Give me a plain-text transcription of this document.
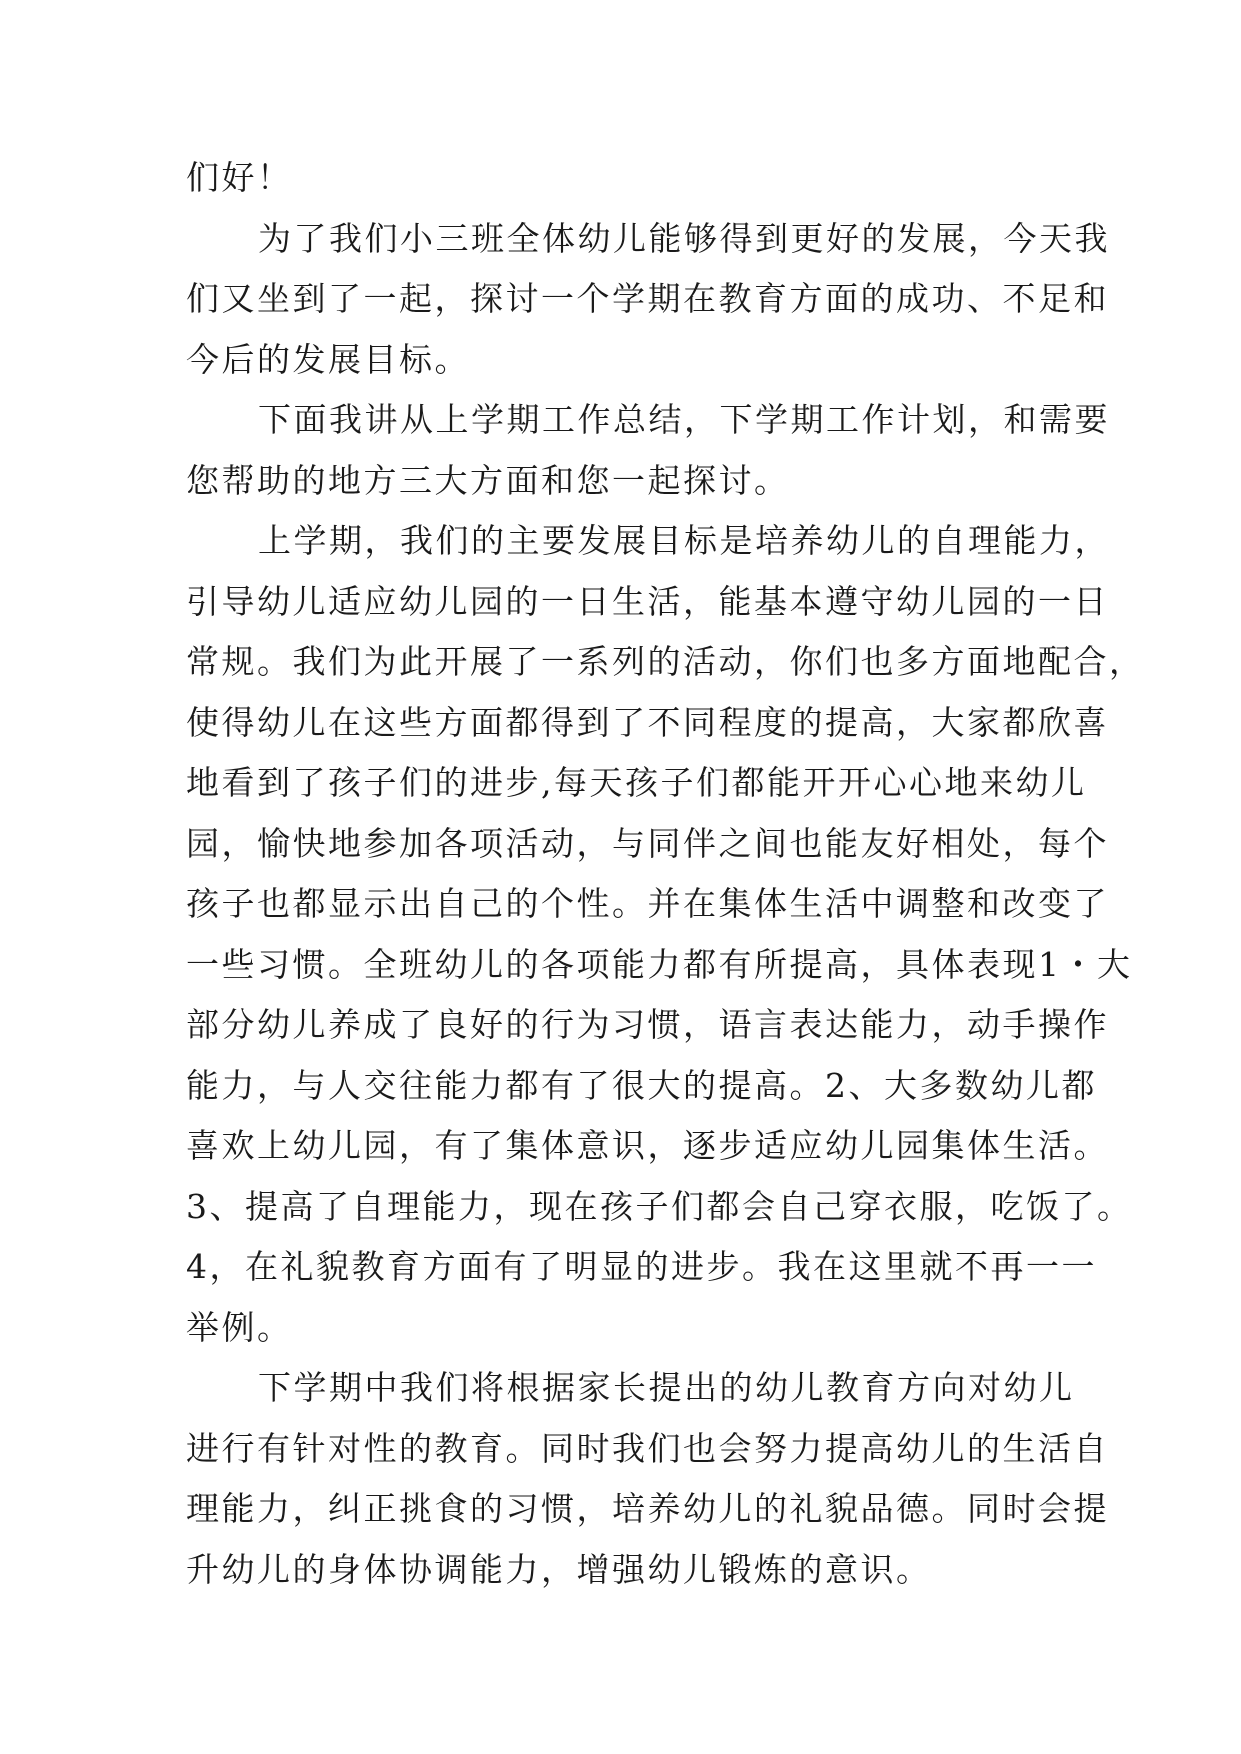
们好！
为了我们小三班全体幼儿能够得到更好的发展，今天我
们又坐到了一起，探讨一个学期在教育方面的成功、不足和
今后的发展目标。
下面我讲从上学期工作总结，下学期工作计划，和需要
您帮助的地方三大方面和您一起探讨。
上学期，我们的主要发展目标是培养幼儿的自理能力，
引导幼儿适应幼儿园的一日生活，能基本遵守幼儿园的一日
常规。我们为此开展了一系列的活动，你们也多方面地配合，
使得幼儿在这些方面都得到了不同程度的提高，大家都欣喜
地看到了孩子们的进步,每天孩子们都能开开心心地来幼儿
园，愉快地参加各项活动，与同伴之间也能友好相处，每个
孩子也都显示出自己的个性。并在集体生活中调整和改变了
一些习惯。全班幼儿的各项能力都有所提高，具体表现1・大
部分幼儿养成了良好的行为习惯，语言表达能力，动手操作
能力，与人交往能力都有了很大的提高。2、大多数幼儿都
喜欢上幼儿园，有了集体意识，逐步适应幼儿园集体生活。
3、提高了自理能力，现在孩子们都会自己穿衣服，吃饭了。
4，在礼貌教育方面有了明显的进步。我在这里就不再一一
举例。
下学期中我们将根据家长提出的幼儿教育方向对幼儿
进行有针对性的教育。同时我们也会努力提高幼儿的生活自
理能力，纠正挑食的习惯，培养幼儿的礼貌品德。同时会提
升幼儿的身体协调能力，增强幼儿锻炼的意识。
